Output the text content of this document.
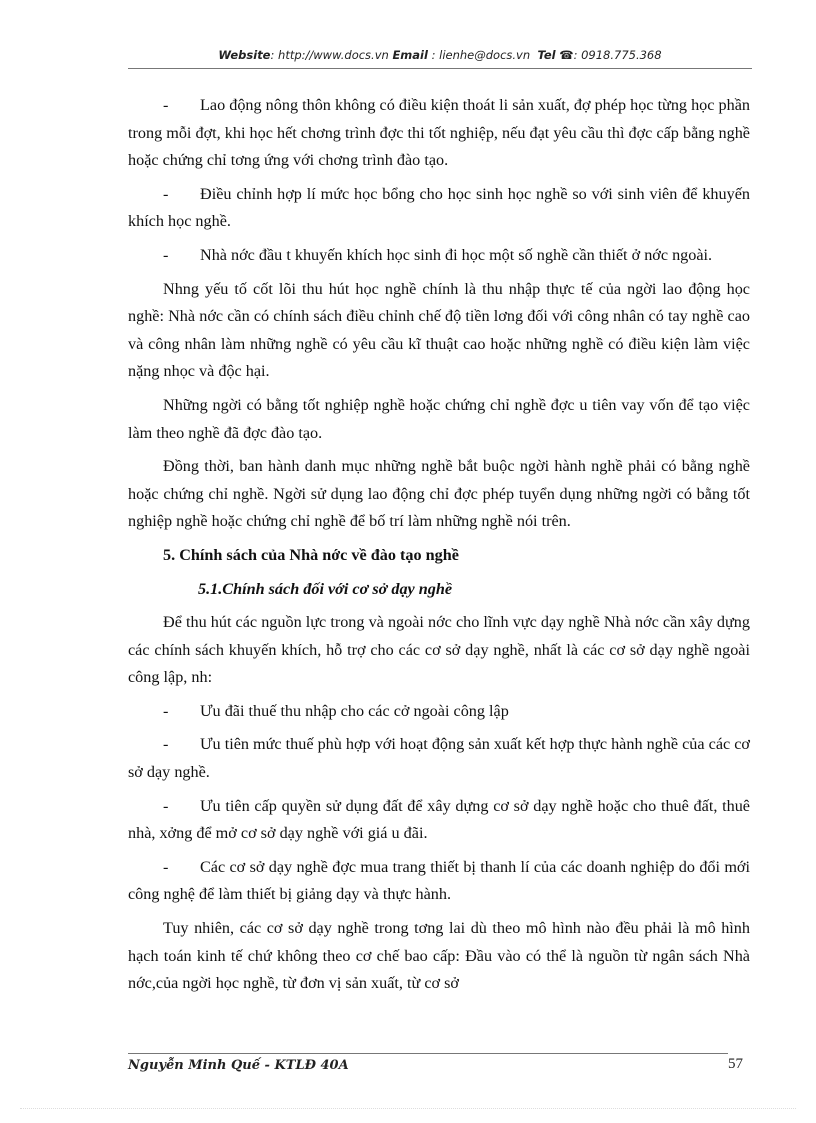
Website: http://www.docs.vn Email : lienhe@docs.vn Tel ☎: 0918.775.368

- Lao động nông thôn không có điều kiện thoát li sản xuất, đợ phép học từng học phần trong mỗi đợt, khi học hết chơng trình đợc thi tốt nghiệp, nếu đạt yêu cầu thì đợc cấp bằng nghề hoặc chứng chỉ tơng ứng với chơng trình đào tạo.

- Điều chỉnh hợp lí mức học bổng cho học sinh học nghề so với sinh viên để khuyến khích học nghề.

- Nhà nớc đầu t khuyến khích học sinh đi học một số nghề cần thiết ở nớc ngoài.

Nhng yếu tố cốt lõi thu hút học nghề chính là thu nhập thực tế của ngời lao động học nghề: Nhà nớc cần có chính sách điều chỉnh chế độ tiền lơng đối với công nhân có tay nghề cao và công nhân làm những nghề có yêu cầu kĩ thuật cao hoặc những nghề có điều kiện làm việc nặng nhọc và độc hại.

Những ngời có bằng tốt nghiệp nghề hoặc chứng chỉ nghề đợc u tiên vay vốn để tạo việc làm theo nghề đã đợc đào tạo.

Đồng thời, ban hành danh mục những nghề bắt buộc ngời hành nghề phải có bằng nghề hoặc chứng chỉ nghề. Ngời sử dụng lao động chỉ đợc phép tuyển dụng những ngời có bằng tốt nghiệp nghề hoặc chứng chỉ nghề để bố trí làm những nghề nói trên.

5. Chính sách của Nhà nớc về đào tạo nghề

5.1.Chính sách đối với cơ sở dạy nghề

Để thu hút các nguồn lực trong và ngoài nớc cho lĩnh vực dạy nghề Nhà nớc cần xây dựng các chính sách khuyến khích, hỗ trợ cho các cơ sở dạy nghề, nhất là các cơ sở dạy nghề ngoài công lập, nh:

- Ưu đãi thuế thu nhập cho các cở ngoài công lập

- Ưu tiên mức thuế phù hợp với hoạt động sản xuất kết hợp thực hành nghề của các cơ sở dạy nghề.

- Ưu tiên cấp quyền sử dụng đất để xây dựng cơ sở dạy nghề hoặc cho thuê đất, thuê nhà, xởng để mở cơ sở dạy nghề với giá u đãi.

- Các cơ sở dạy nghề đợc mua trang thiết bị thanh lí của các doanh nghiệp do đổi mới công nghệ để làm thiết bị giảng dạy và thực hành.

Tuy nhiên, các cơ sở dạy nghề trong tơng lai dù theo mô hình nào đều phải là mô hình hạch toán kinh tế chứ không theo cơ chế bao cấp: Đầu vào có thể là nguồn từ ngân sách Nhà nớc,của ngời học nghề, từ đơn vị sản xuất, từ cơ sở

Nguyễn Minh Quế - KTLĐ 40A	57
